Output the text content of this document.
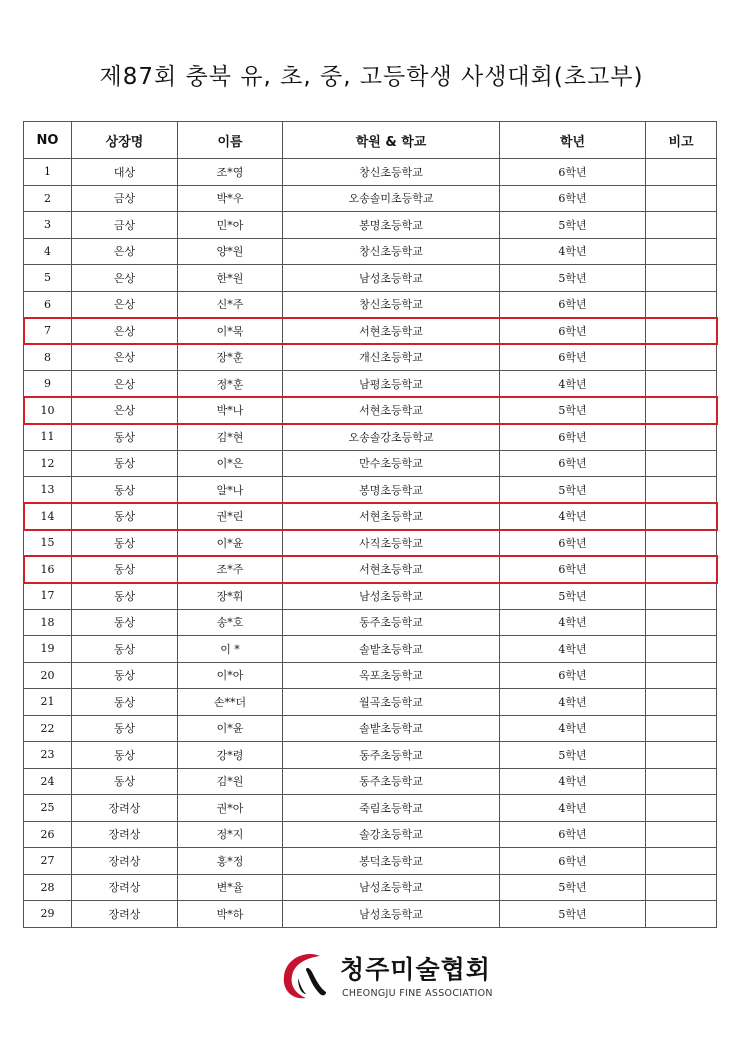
제87회 충북 유, 초, 중, 고등학생 사생대회(초고부)
NO	상장명	이름	학원 & 학교	학년	비고
1	대상	조*영	창신초등학교	6학년	
2	금상	박*우	오송솔미초등학교	6학년	
3	금상	민*아	봉명초등학교	5학년	
4	은상	양*원	창신초등학교	4학년	
5	은상	한*원	남성초등학교	5학년	
6	은상	신*주	창신초등학교	6학년	
7	은상	이*묵	서현초등학교	6학년	
8	은상	장*훈	개신초등학교	6학년	
9	은상	정*훈	남평초등학교	4학년	
10	은상	박*나	서현초등학교	5학년	
11	동상	김*현	오송솔강초등학교	6학년	
12	동상	이*은	만수초등학교	6학년	
13	동상	알*나	봉명초등학교	5학년	
14	동상	권*린	서현초등학교	4학년	
15	동상	이*윤	사직초등학교	6학년	
16	동상	조*주	서현초등학교	6학년	
17	동상	장*휘	남성초등학교	5학년	
18	동상	송*호	동주초등학교	4학년	
19	동상	이 *	솔밭초등학교	4학년	
20	동상	이*아	옥포초등학교	6학년	
21	동상	손**더	월곡초등학교	4학년	
22	동상	이*윤	솔밭초등학교	4학년	
23	동상	강*령	동주초등학교	5학년	
24	동상	김*원	동주초등학교	4학년	
25	장려상	권*아	죽림초등학교	4학년	
26	장려상	정*지	솔강초등학교	6학년	
27	장려상	홍*정	봉덕초등학교	6학년	
28	장려상	변*율	남성초등학교	5학년	
29	장려상	박*하	남성초등학교	5학년	
청주미술협회
CHEONGJU FINE ASSOCIATION
